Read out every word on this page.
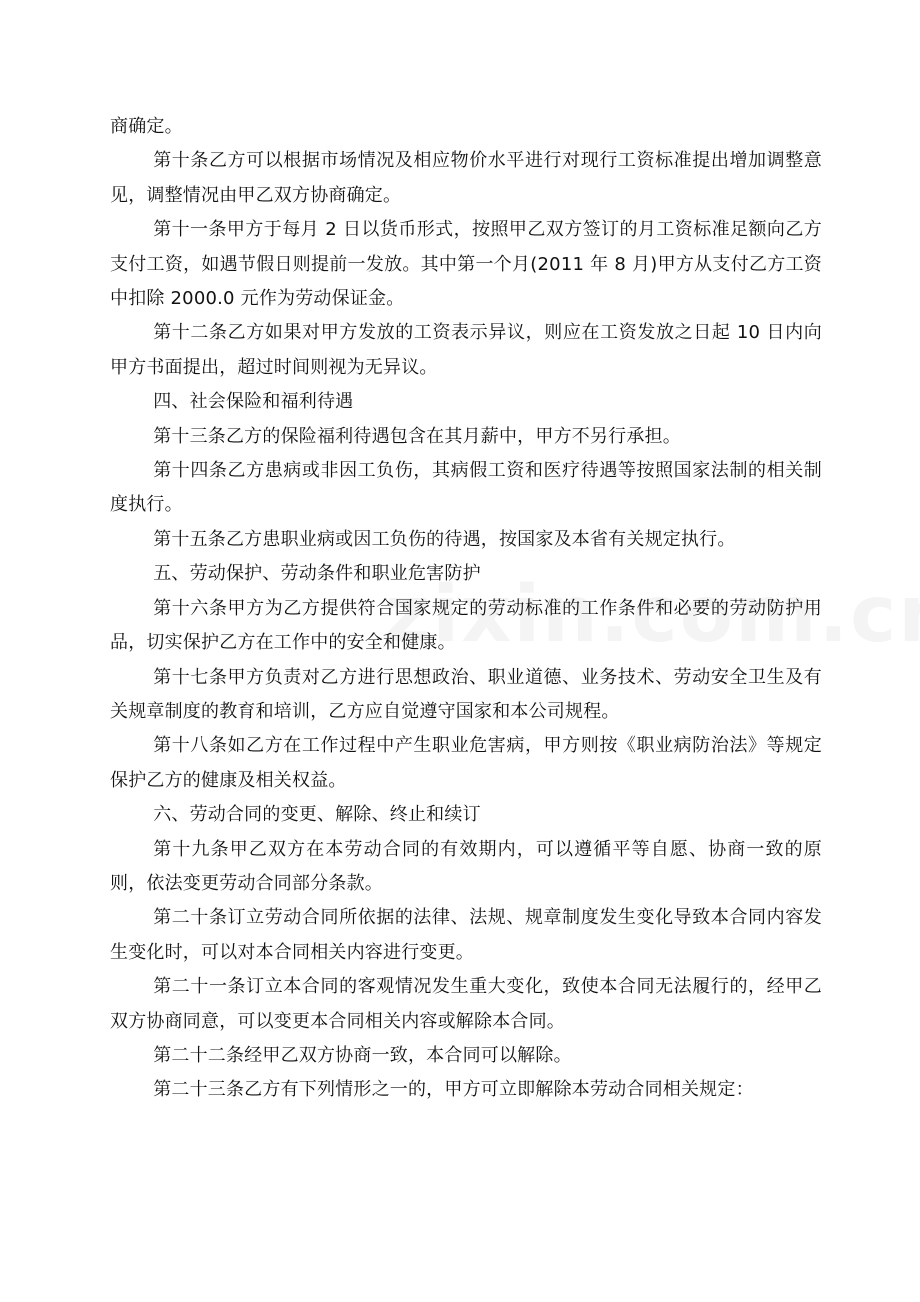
商确定。

第十条乙方可以根据市场情况及相应物价水平进行对现行工资标准提出增加调整意见，调整情况由甲乙双方协商确定。

第十一条甲方于每月 2 日以货币形式，按照甲乙双方签订的月工资标准足额向乙方支付工资，如遇节假日则提前一发放。其中第一个月(2011 年 8 月)甲方从支付乙方工资中扣除 2000.0 元作为劳动保证金。

第十二条乙方如果对甲方发放的工资表示异议，则应在工资发放之日起 10 日内向甲方书面提出，超过时间则视为无异议。

四、社会保险和福利待遇

第十三条乙方的保险福利待遇包含在其月薪中，甲方不另行承担。

第十四条乙方患病或非因工负伤，其病假工资和医疗待遇等按照国家法制的相关制度执行。

第十五条乙方患职业病或因工负伤的待遇，按国家及本省有关规定执行。

五、劳动保护、劳动条件和职业危害防护

第十六条甲方为乙方提供符合国家规定的劳动标准的工作条件和必要的劳动防护用品，切实保护乙方在工作中的安全和健康。

第十七条甲方负责对乙方进行思想政治、职业道德、业务技术、劳动安全卫生及有关规章制度的教育和培训，乙方应自觉遵守国家和本公司规程。

第十八条如乙方在工作过程中产生职业危害病，甲方则按《职业病防治法》等规定保护乙方的健康及相关权益。

六、劳动合同的变更、解除、终止和续订

第十九条甲乙双方在本劳动合同的有效期内，可以遵循平等自愿、协商一致的原则，依法变更劳动合同部分条款。

第二十条订立劳动合同所依据的法律、法规、规章制度发生变化导致本合同内容发生变化时，可以对本合同相关内容进行变更。

第二十一条订立本合同的客观情况发生重大变化，致使本合同无法履行的，经甲乙双方协商同意，可以变更本合同相关内容或解除本合同。

第二十二条经甲乙双方协商一致，本合同可以解除。

第二十三条乙方有下列情形之一的，甲方可立即解除本劳动合同相关规定：
